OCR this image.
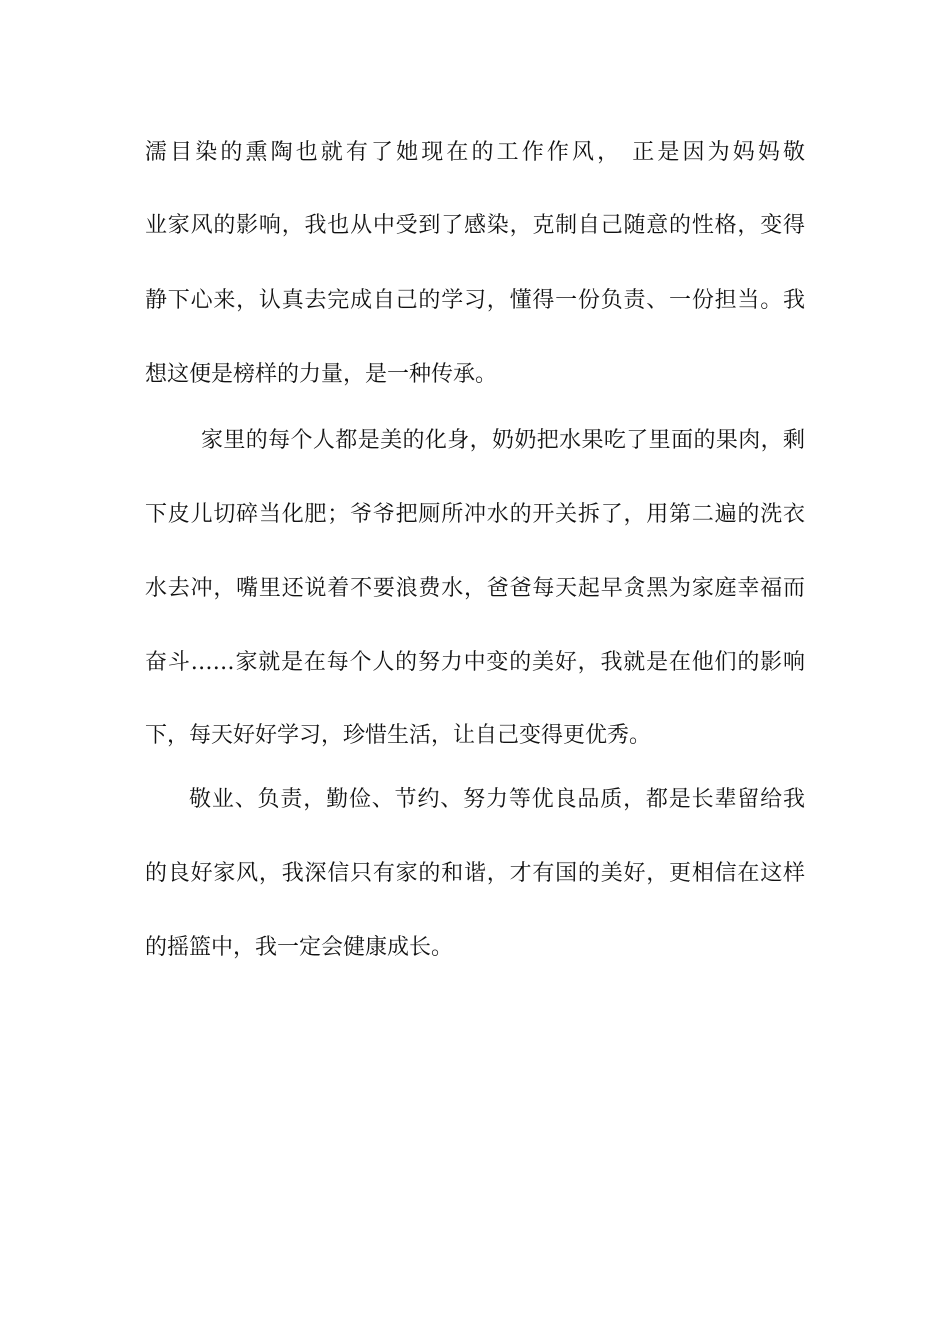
濡目染的熏陶也就有了她现在的工作作风， 正是因为妈妈敬
业家风的影响，我也从中受到了感染，克制自己随意的性格，变得
静下心来，认真去完成自己的学习，懂得一份负责、一份担当。我
想这便是榜样的力量，是一种传承。
家里的每个人都是美的化身，奶奶把水果吃了里面的果肉，剩
下皮儿切碎当化肥；爷爷把厕所冲水的开关拆了，用第二遍的洗衣
水去冲，嘴里还说着不要浪费水，爸爸每天起早贪黑为家庭幸福而
奋斗……家就是在每个人的努力中变的美好，我就是在他们的影响
下，每天好好学习，珍惜生活，让自己变得更优秀。
敬业、负责，勤俭、节约、努力等优良品质，都是长辈留给我
的良好家风，我深信只有家的和谐，才有国的美好，更相信在这样
的摇篮中，我一定会健康成长。
